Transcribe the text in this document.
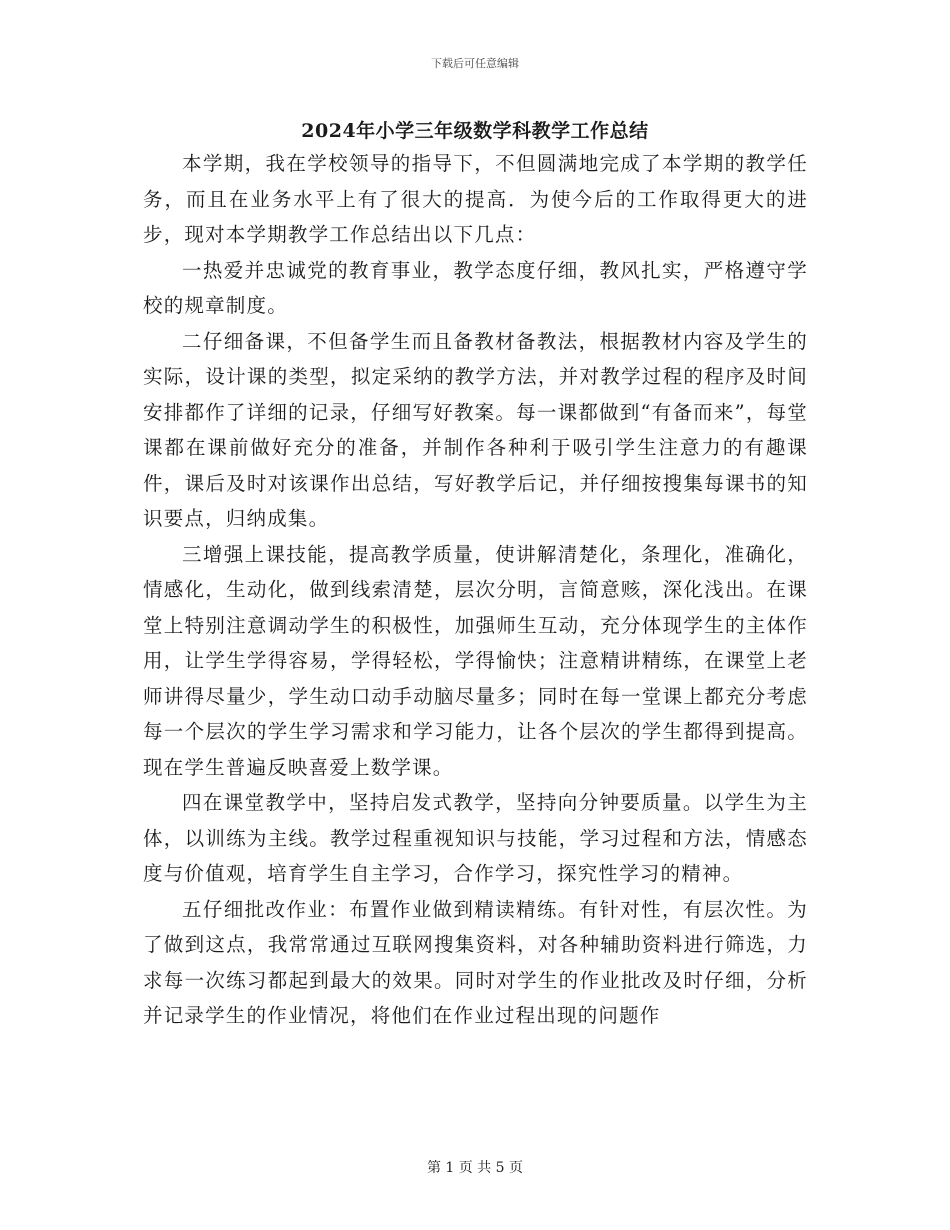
下载后可任意编辑
2024年小学三年级数学科教学工作总结

本学期，我在学校领导的指导下，不但圆满地完成了本学期的教学任务，而且在业务水平上有了很大的提高．为使今后的工作取得更大的进步，现对本学期教学工作总结出以下几点：

一热爱并忠诚党的教育事业，教学态度仔细，教风扎实，严格遵守学校的规章制度。

二仔细备课，不但备学生而且备教材备教法，根据教材内容及学生的实际，设计课的类型，拟定采纳的教学方法，并对教学过程的程序及时间安排都作了详细的记录，仔细写好教案。每一课都做到“有备而来”，每堂课都在课前做好充分的准备，并制作各种利于吸引学生注意力的有趣课件，课后及时对该课作出总结，写好教学后记，并仔细按搜集每课书的知识要点，归纳成集。

三增强上课技能，提高教学质量，使讲解清楚化，条理化，准确化，情感化，生动化，做到线索清楚，层次分明，言简意赅，深化浅出。在课堂上特别注意调动学生的积极性，加强师生互动，充分体现学生的主体作用，让学生学得容易，学得轻松，学得愉快；注意精讲精练，在课堂上老师讲得尽量少，学生动口动手动脑尽量多；同时在每一堂课上都充分考虑每一个层次的学生学习需求和学习能力，让各个层次的学生都得到提高。现在学生普遍反映喜爱上数学课。

四在课堂教学中，坚持启发式教学，坚持向分钟要质量。以学生为主体，以训练为主线。教学过程重视知识与技能，学习过程和方法，情感态度与价值观，培育学生自主学习，合作学习，探究性学习的精神。

五仔细批改作业：布置作业做到精读精练。有针对性，有层次性。为了做到这点，我常常通过互联网搜集资料，对各种辅助资料进行筛选，力求每一次练习都起到最大的效果。同时对学生的作业批改及时仔细，分析并记录学生的作业情况，将他们在作业过程出现的问题作

第 1 页 共 5 页
